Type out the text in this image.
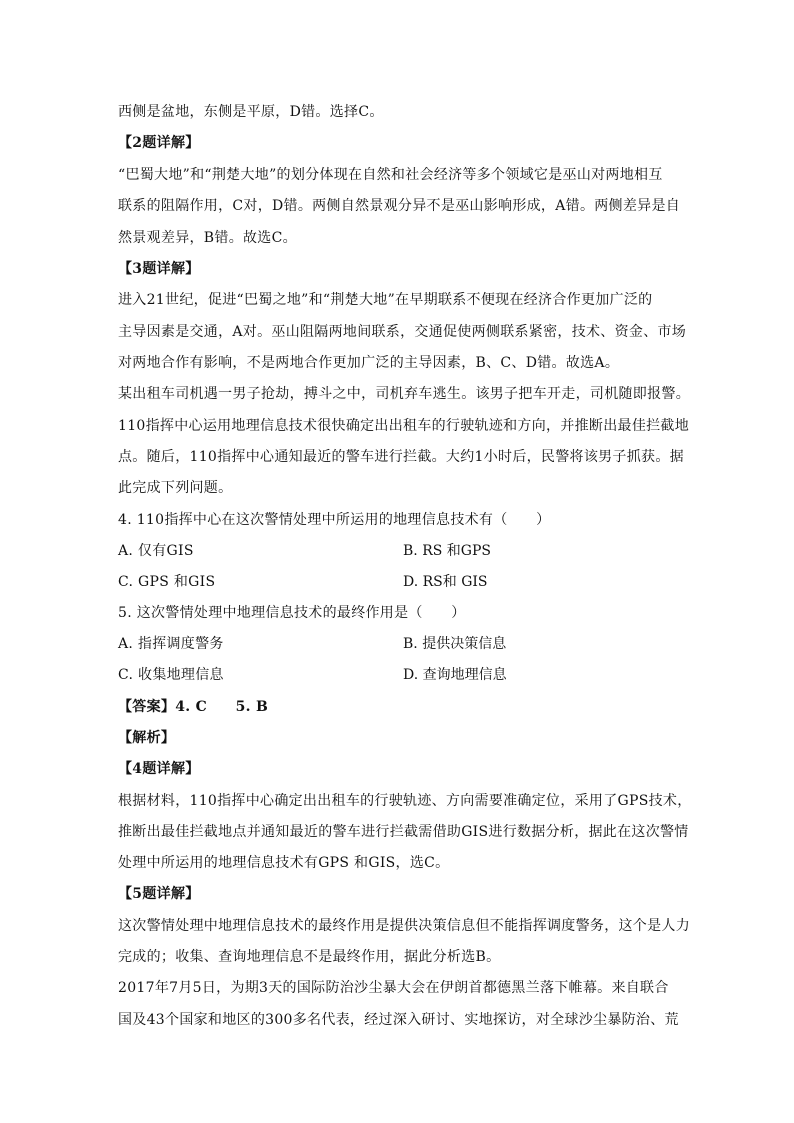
西侧是盆地，东侧是平原，D错。选择C。
【2题详解】
“巴蜀大地”和“荆楚大地”的划分体现在自然和社会经济等多个领域它是巫山对两地相互
联系的阻隔作用，C对，D错。两侧自然景观分异不是巫山影响形成，A错。两侧差异是自
然景观差异，B错。故选C。
【3题详解】
进入21世纪，促进“巴蜀之地”和“荆楚大地”在早期联系不便现在经济合作更加广泛的
主导因素是交通，A对。巫山阻隔两地间联系，交通促使两侧联系紧密，技术、资金、市场
对两地合作有影响，不是两地合作更加广泛的主导因素，B、C、D错。故选A。
某出租车司机遇一男子抢劫，搏斗之中，司机弃车逃生。该男子把车开走，司机随即报警。
110指挥中心运用地理信息技术很快确定出出租车的行驶轨迹和方向，并推断出最佳拦截地
点。随后，110指挥中心通知最近的警车进行拦截。大约1小时后，民警将该男子抓获。据
此完成下列问题。
4. 110指挥中心在这次警情处理中所运用的地理信息技术有（　　）
A. 仅有GIS	B. RS 和GPS
C. GPS 和GIS	D. RS和 GIS
5. 这次警情处理中地理信息技术的最终作用是（　　）
A. 指挥调度警务	B. 提供决策信息
C. 收集地理信息	D. 查询地理信息
【答案】4. C　　5. B
【解析】
【4题详解】
根据材料，110指挥中心确定出出租车的行驶轨迹、方向需要准确定位，采用了GPS技术，
推断出最佳拦截地点并通知最近的警车进行拦截需借助GIS进行数据分析，据此在这次警情
处理中所运用的地理信息技术有GPS 和GIS，选C。
【5题详解】
这次警情处理中地理信息技术的最终作用是提供决策信息但不能指挥调度警务，这个是人力
完成的；收集、查询地理信息不是最终作用，据此分析选B。
2017年7月5日，为期3天的国际防治沙尘暴大会在伊朗首都德黑兰落下帷幕。来自联合
国及43个国家和地区的300多名代表，经过深入研讨、实地探访，对全球沙尘暴防治、荒
